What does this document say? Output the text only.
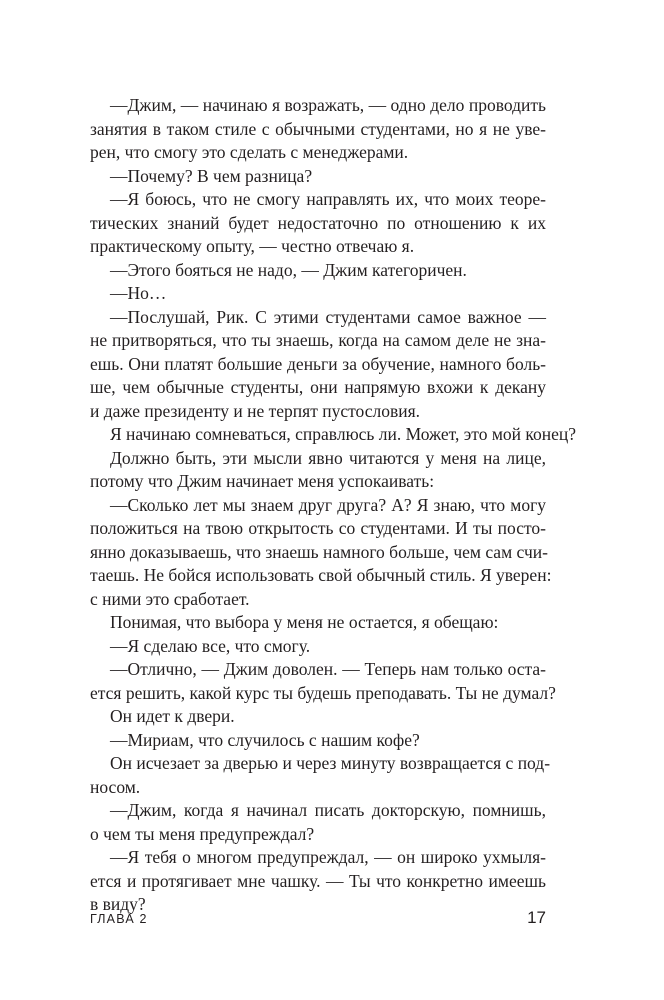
—Джим, — начинаю я возражать, — одно дело проводить
занятия в таком стиле с обычными студентами, но я не уве-
рен, что смогу это сделать с менеджерами.
—Почему? В чем разница?
—Я боюсь, что не смогу направлять их, что моих теоре-
тических знаний будет недостаточно по отношению к их
практическому опыту, — честно отвечаю я.
—Этого бояться не надо, — Джим категоричен.
—Но…
—Послушай, Рик. С этими студентами самое важное —
не притворяться, что ты знаешь, когда на самом деле не зна-
ешь. Они платят большие деньги за обучение, намного боль-
ше, чем обычные студенты, они напрямую вхожи к декану
и даже президенту и не терпят пустословия.
Я начинаю сомневаться, справлюсь ли. Может, это мой конец?
Должно быть, эти мысли явно читаются у меня на лице,
потому что Джим начинает меня успокаивать:
—Сколько лет мы знаем друг друга? А? Я знаю, что могу
положиться на твою открытость со студентами. И ты посто-
янно доказываешь, что знаешь намного больше, чем сам счи-
таешь. Не бойся использовать свой обычный стиль. Я уверен:
с ними это сработает.
Понимая, что выбора у меня не остается, я обещаю:
—Я сделаю все, что смогу.
—Отлично, — Джим доволен. — Теперь нам только оста-
ется решить, какой курс ты будешь преподавать. Ты не думал?
Он идет к двери.
—Мириам, что случилось с нашим кофе?
Он исчезает за дверью и через минуту возвращается с под-
носом.
—Джим, когда я начинал писать докторскую, помнишь,
о чем ты меня предупреждал?
—Я тебя о многом предупреждал, — он широко ухмыля-
ется и протягивает мне чашку. — Ты что конкретно имеешь
в виду?
ГЛАВА 2	17
